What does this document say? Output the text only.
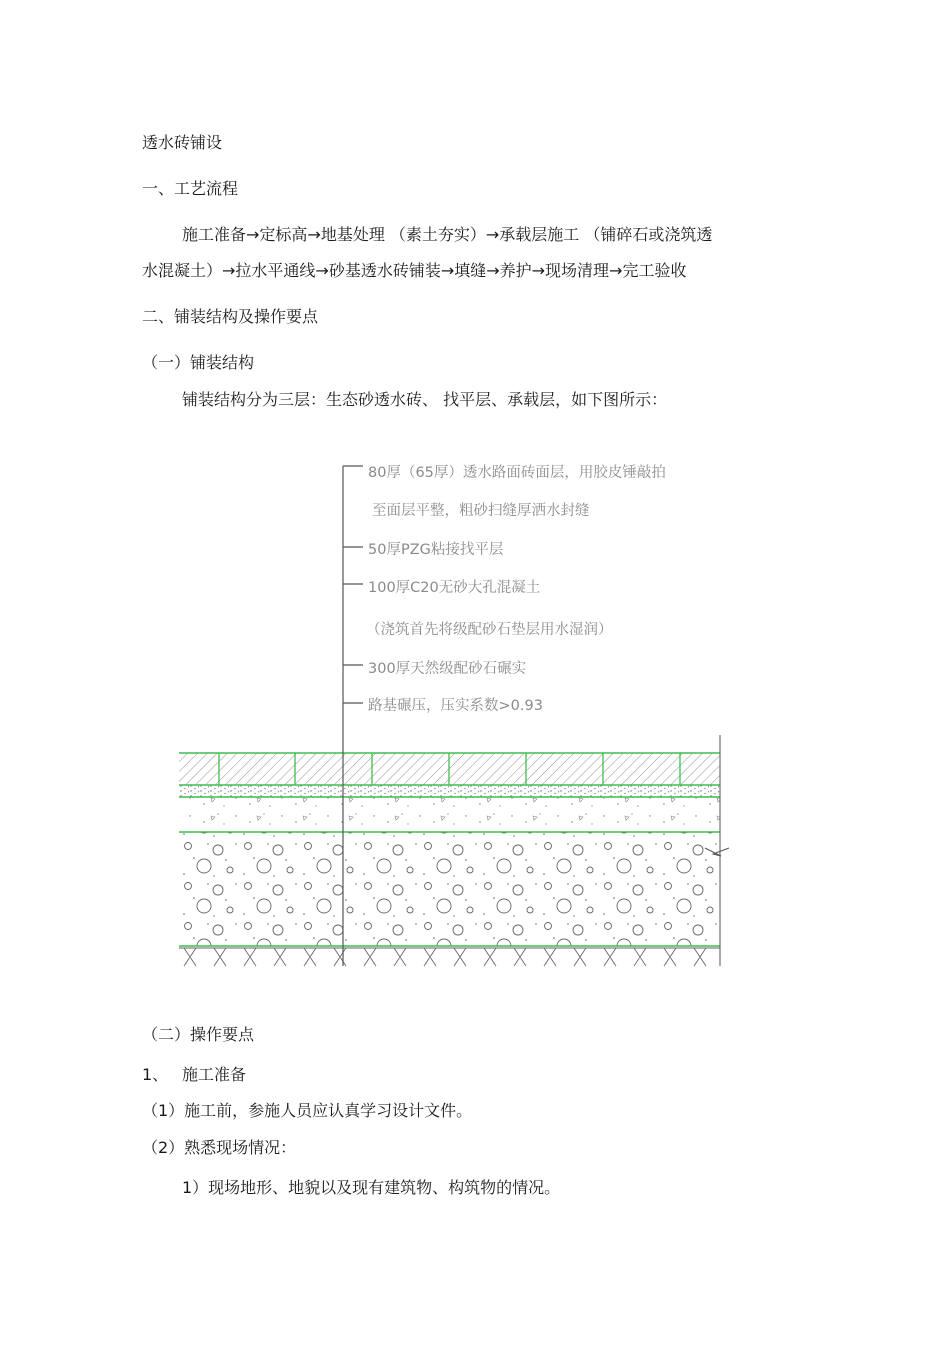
透水砖铺设
一、工艺流程
施工准备→定标高→地基处理 （素土夯实）→承载层施工 （铺碎石或浇筑透
水混凝土）→拉水平通线→砂基透水砖铺装→填缝→养护→现场清理→完工验收
二、铺装结构及操作要点
（一）铺装结构
铺装结构分为三层：生态砂透水砖、 找平层、承载层，如下图所示：
80厚（65厚）透水路面砖面层，用胶皮锤敲拍
至面层平整，粗砂扫缝厚洒水封缝
50厚PZG粘接找平层
100厚C20无砂大孔混凝土
（浇筑首先将级配砂石垫层用水湿润）
300厚天然级配砂石碾实
路基碾压，压实系数>0.93
（二）操作要点
1、 施工准备
（1）施工前，参施人员应认真学习设计文件。
（2）熟悉现场情况：
1）现场地形、地貌以及现有建筑物、构筑物的情况。
